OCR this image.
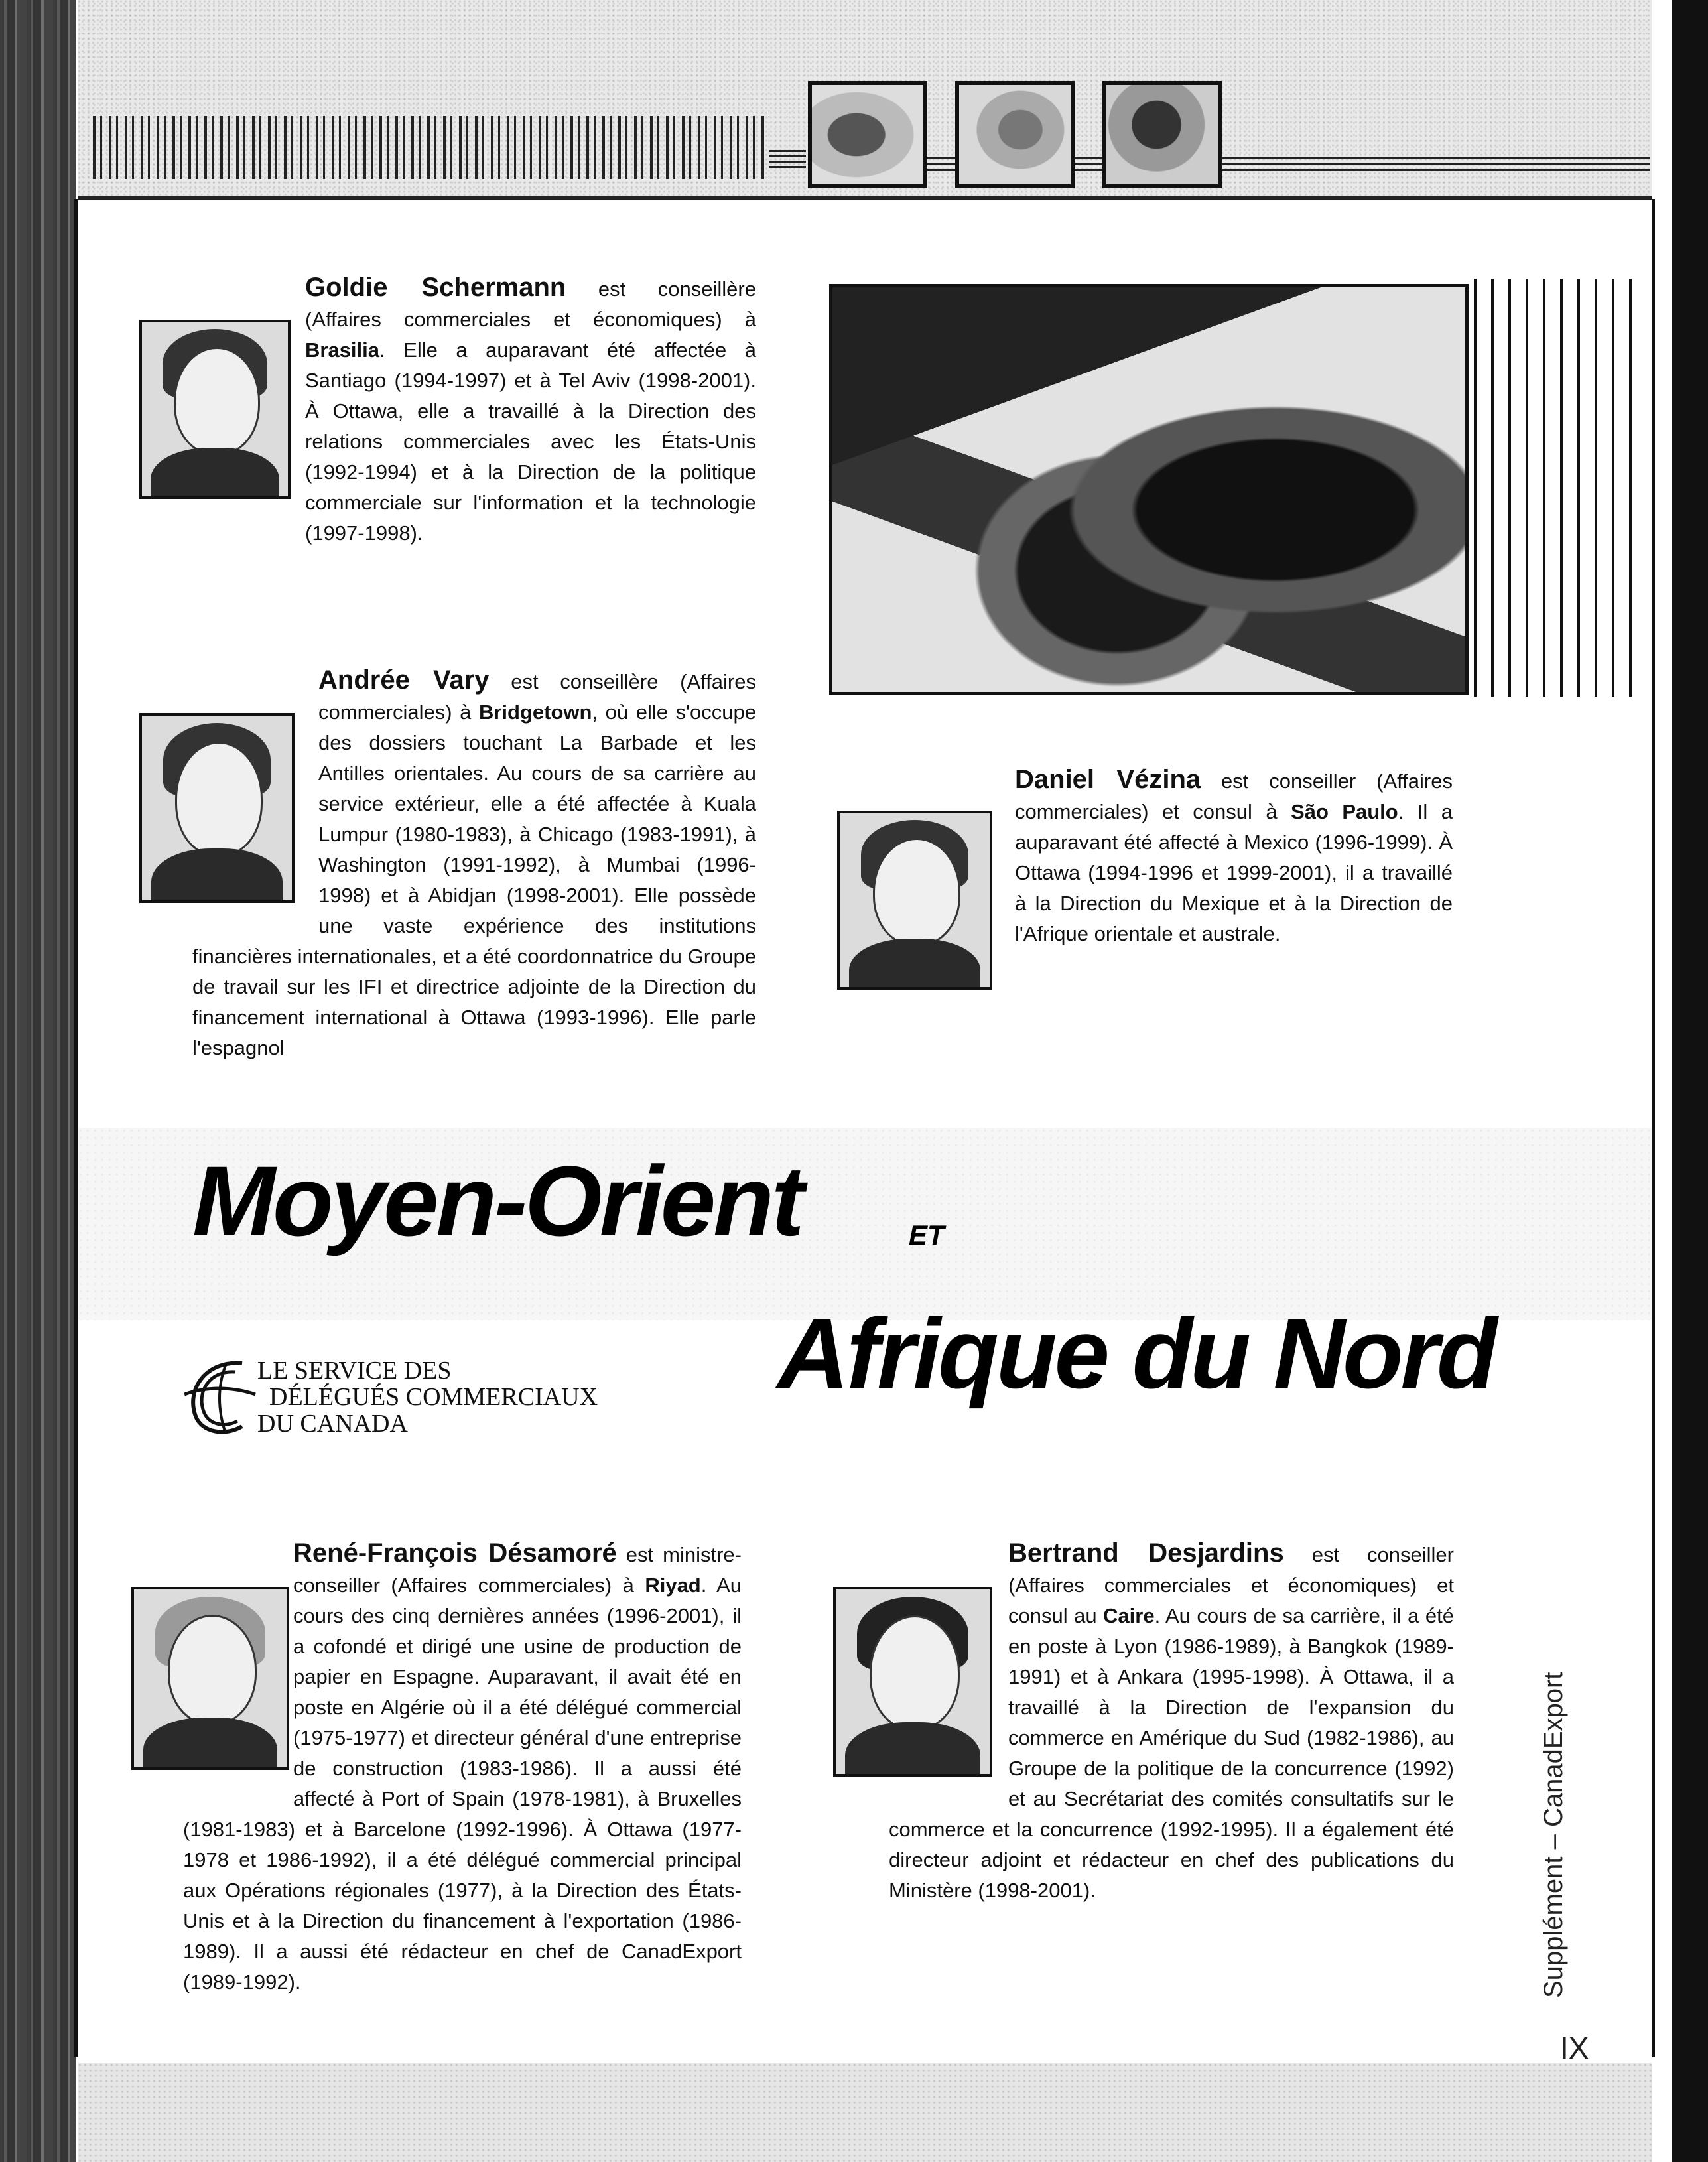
Goldie Schermann est conseillère (Affaires commerciales et économiques) à Brasilia. Elle a auparavant été affectée à Santiago (1994-1997) et à Tel Aviv (1998-2001). À Ottawa, elle a travaillé à la Direction des relations commerciales avec les États-Unis (1992-1994) et à la Direction de la politique commerciale sur l'information et la technologie (1997-1998).
Andrée Vary est conseillère (Affaires commerciales) à Bridgetown, où elle s'occupe des dossiers touchant La Barbade et les Antilles orientales. Au cours de sa carrière au service extérieur, elle a été affectée à Kuala Lumpur (1980-1983), à Chicago (1983-1991), à Washington (1991-1992), à Mumbai (1996-1998) et à Abidjan (1998-2001). Elle possède une vaste expérience des institutions financières internationales, et a été coordonnatrice du Groupe de travail sur les IFI et directrice adjointe de la Direction du financement international à Ottawa (1993-1996). Elle parle l'espagnol
Daniel Vézina est conseiller (Affaires commerciales) et consul à São Paulo. Il a auparavant été affecté à Mexico (1996-1999). À Ottawa (1994-1996 et 1999-2001), il a travaillé à la Direction du Mexique et à la Direction de l'Afrique orientale et australe.
Moyen-Orient	ET
Afrique du Nord
LE SERVICE DES
DÉLÉGUÉS COMMERCIAUX
DU CANADA
René-François Désamoré est ministre-conseiller (Affaires commerciales) à Riyad. Au cours des cinq dernières années (1996-2001), il a cofondé et dirigé une usine de production de papier en Espagne. Auparavant, il avait été en poste en Algérie où il a été délégué commercial (1975-1977) et directeur général d'une entreprise de construction (1983-1986). Il a aussi été affecté à Port of Spain (1978-1981), à Bruxelles (1981-1983) et à Barcelone (1992-1996). À Ottawa (1977-1978 et 1986-1992), il a été délégué commercial principal aux Opérations régionales (1977), à la Direction des États-Unis et à la Direction du financement à l'exportation (1986-1989). Il a aussi été rédacteur en chef de CanadExport (1989-1992).
Bertrand Desjardins est conseiller (Affaires commerciales et économiques) et consul au Caire. Au cours de sa carrière, il a été en poste à Lyon (1986-1989), à Bangkok (1989-1991) et à Ankara (1995-1998). À Ottawa, il a travaillé à la Direction de l'expansion du commerce en Amérique du Sud (1982-1986), au Groupe de la politique de la concurrence (1992) et au Secrétariat des comités consultatifs sur le commerce et la concurrence (1992-1995). Il a également été directeur adjoint et rédacteur en chef des publications du Ministère (1998-2001).	Supplément – CanadExport
IX
